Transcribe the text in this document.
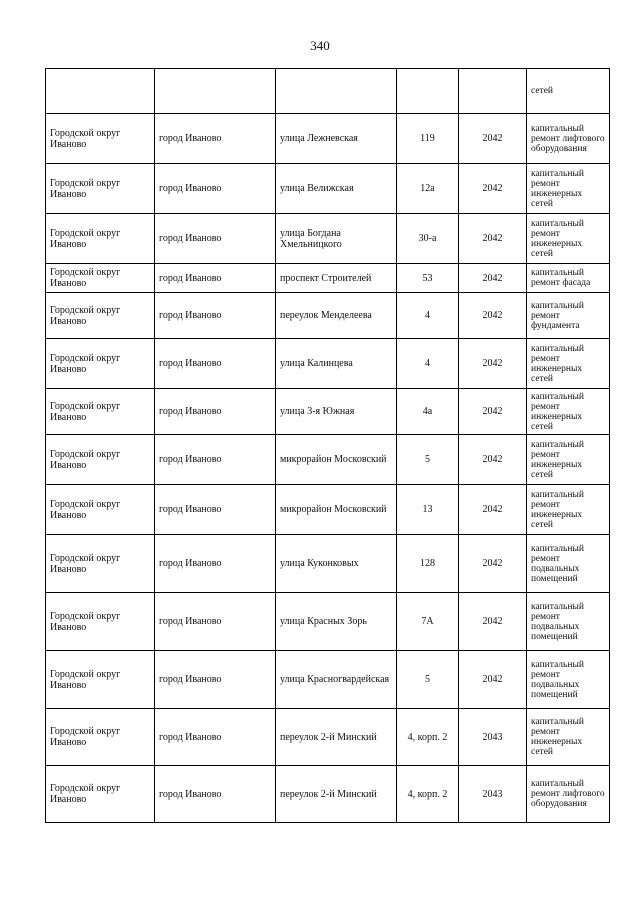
340
					сетей
Городской округ Иваново	город Иваново	улица Лежневская	119	2042	капитальный ремонт лифтового оборудования
Городской округ Иваново	город Иваново	улица Велижская	12а	2042	капитальный ремонт инженерных сетей
Городской округ Иваново	город Иваново	улица Богдана Хмельницкого	30-а	2042	капитальный ремонт инженерных сетей
Городской округ Иваново	город Иваново	проспект Строителей	53	2042	капитальный ремонт фасада
Городской округ Иваново	город Иваново	переулок Менделеева	4	2042	капитальный ремонт фундамента
Городской округ Иваново	город Иваново	улица Калинцева	4	2042	капитальный ремонт инженерных сетей
Городской округ Иваново	город Иваново	улица 3-я Южная	4а	2042	капитальный ремонт инженерных сетей
Городской округ Иваново	город Иваново	микрорайон Московский	5	2042	капитальный ремонт инженерных сетей
Городской округ Иваново	город Иваново	микрорайон Московский	13	2042	капитальный ремонт инженерных сетей
Городской округ Иваново	город Иваново	улица Куконковых	128	2042	капитальный ремонт подвальных помещений
Городской округ Иваново	город Иваново	улица Красных Зорь	7А	2042	капитальный ремонт подвальных помещений
Городской округ Иваново	город Иваново	улица Красногвардейская	5	2042	капитальный ремонт подвальных помещений
Городской округ Иваново	город Иваново	переулок 2-й Минский	4, корп. 2	2043	капитальный ремонт инженерных сетей
Городской округ Иваново	город Иваново	переулок 2-й Минский	4, корп. 2	2043	капитальный ремонт лифтового оборудования
